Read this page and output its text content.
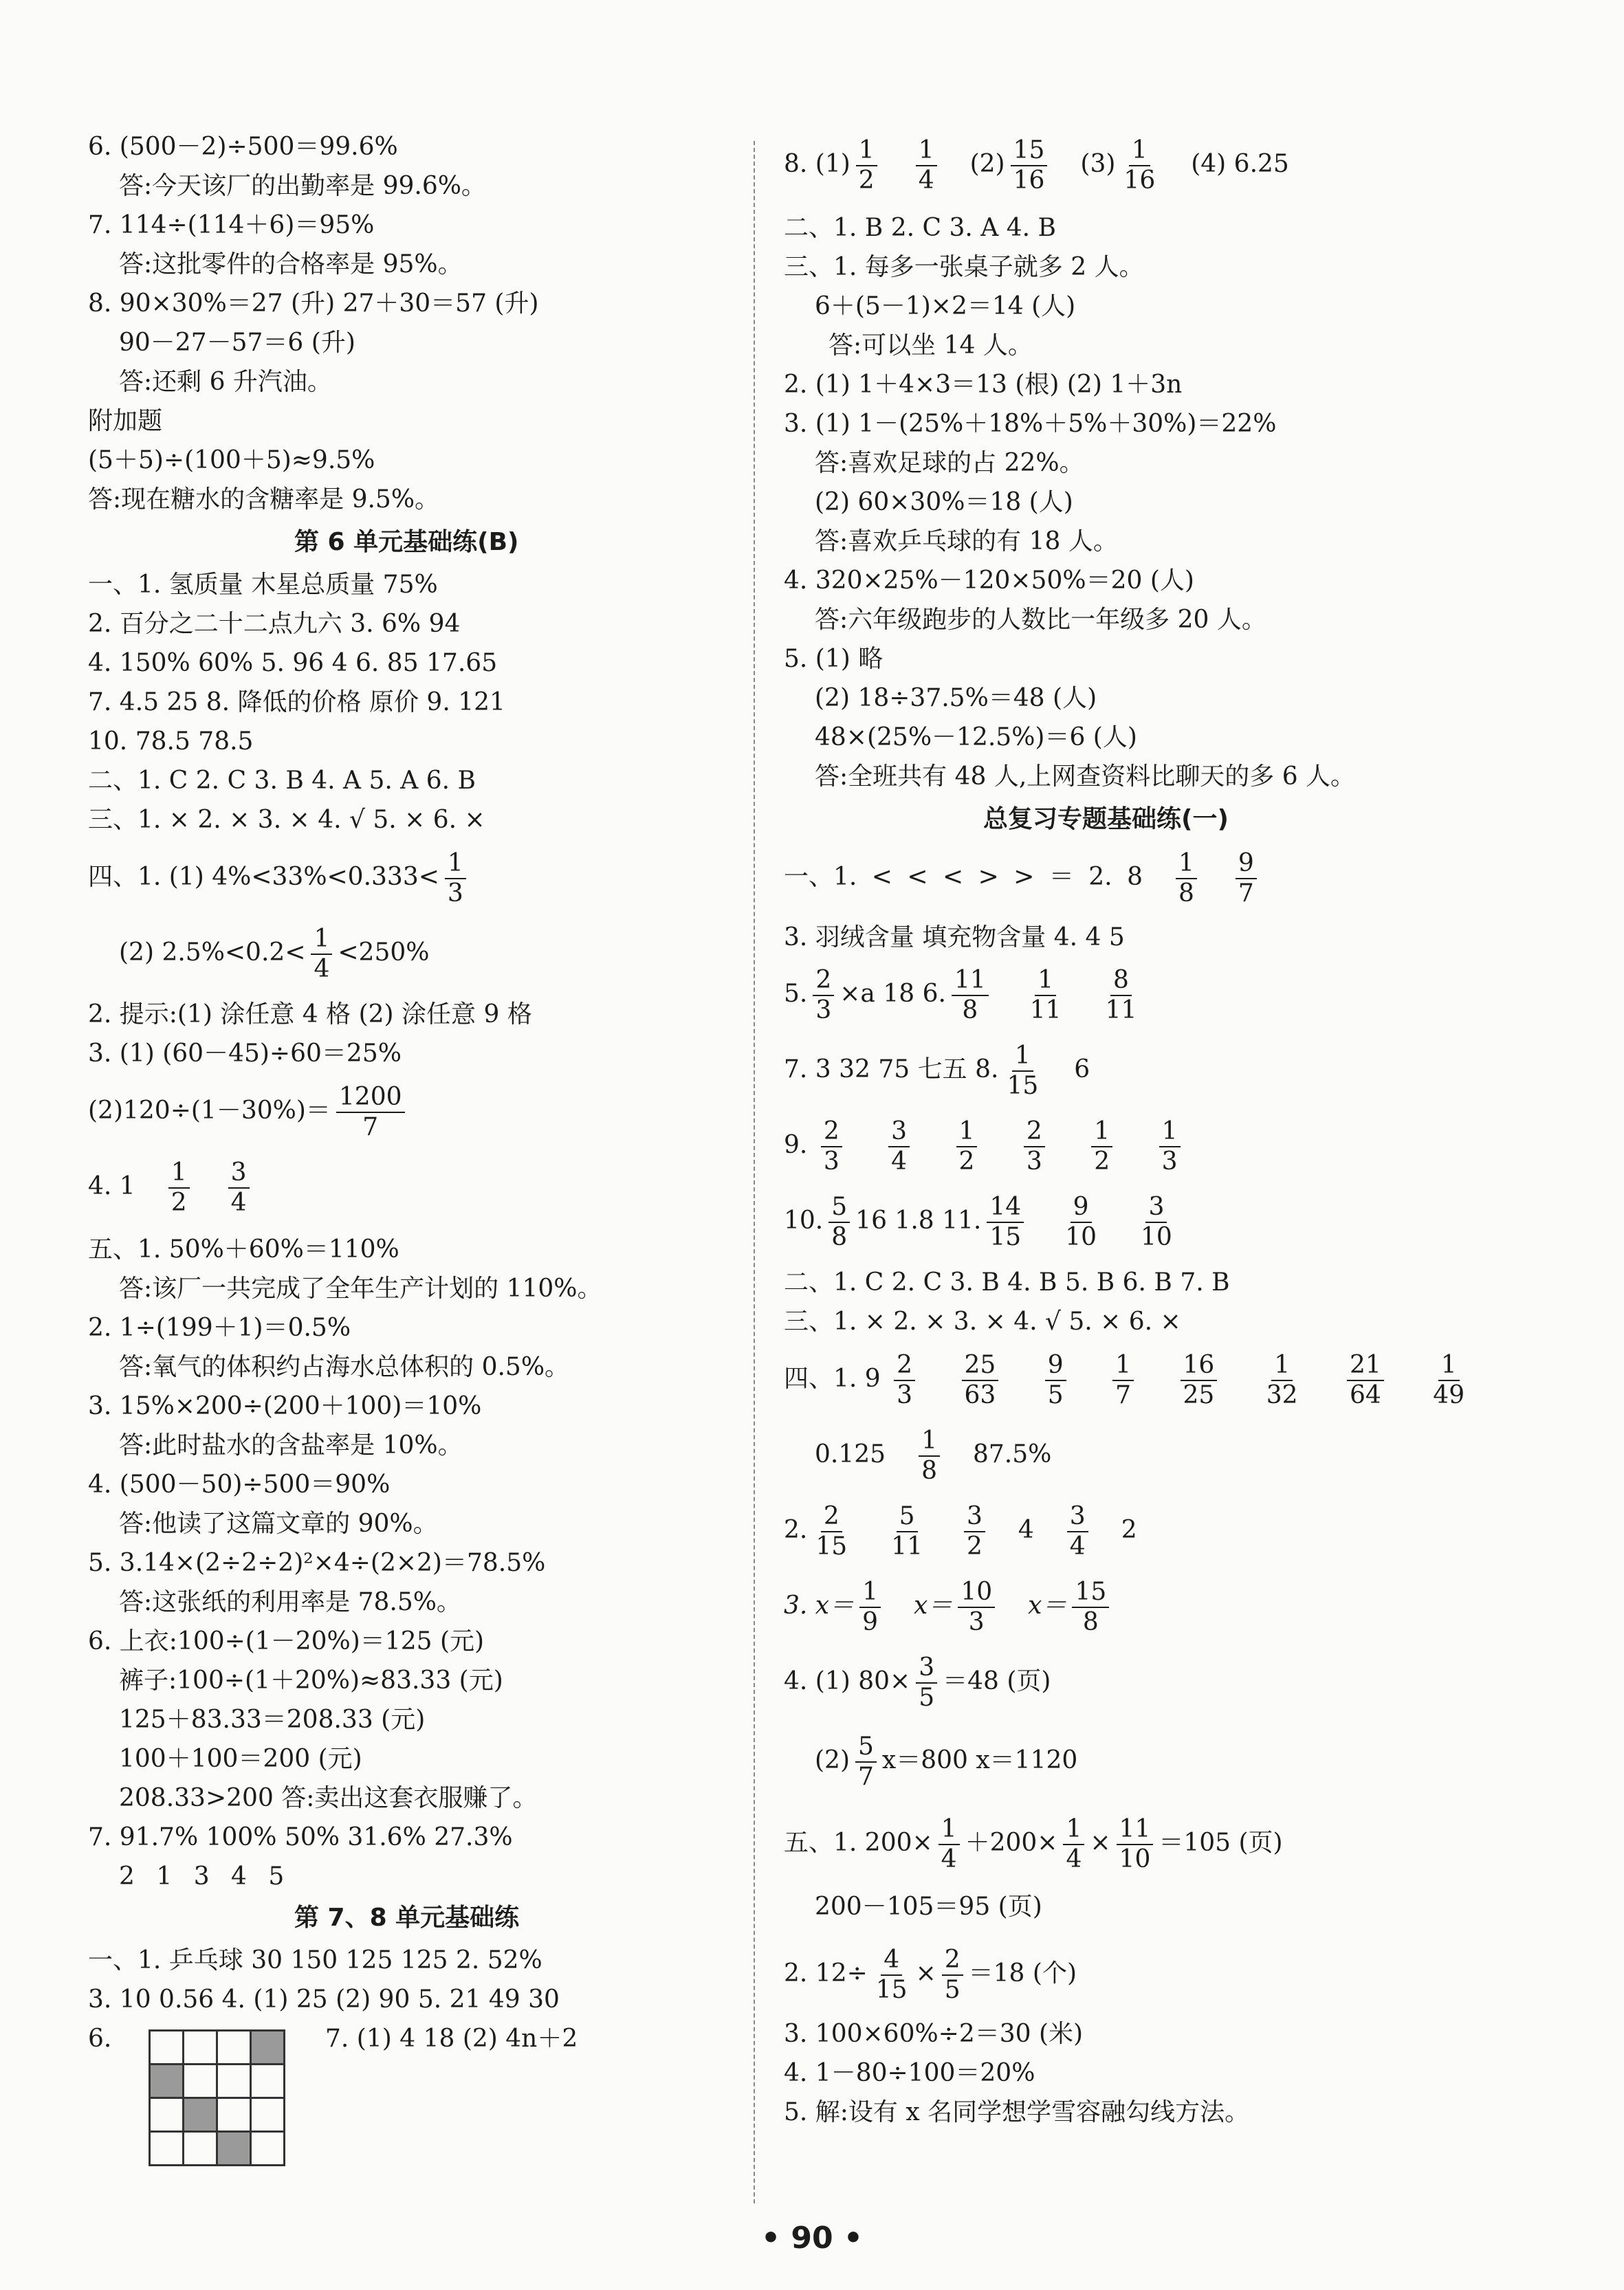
6. (500－2)÷500＝99.6%
答:今天该厂的出勤率是 99.6%。
7. 114÷(114＋6)＝95%
答:这批零件的合格率是 95%。
8. 90×30%＝27 (升) 27＋30＝57 (升)
90－27－57＝6 (升)
答:还剩 6 升汽油。
附加题
(5＋5)÷(100＋5)≈9.5%
答:现在糖水的含糖率是 9.5%。
第 6 单元基础练(B)
一、1. 氢质量 木星总质量 75%
2. 百分之二十二点九六 3. 6% 94
4. 150% 60% 5. 96 4 6. 85 17.65
7. 4.5 25 8. 降低的价格 原价 9. 121
10. 78.5 78.5
二、1. C 2. C 3. B 4. A 5. A 6. B
三、1. × 2. × 3. × 4. √ 5. × 6. ×
四、1. (1) $4\%<33\%<0.333< \frac{1}{3}$
(2) $2.5\%<0.2< \frac{1}{4} <250\%$
2. 提示:(1) 涂任意 4 格 (2) 涂任意 9 格
3. (1) (60－45)÷60＝25%
$(2)120\div(1-30\%)= \frac{1200}{7}$
4. $1 \frac{1}{2} \frac{3}{4}$
五、1. 50%＋60%＝110%
答:该厂一共完成了全年生产计划的 110%。
2. 1÷(199＋1)＝0.5%
答:氧气的体积约占海水总体积的 0.5%。
3. 15%×200÷(200＋100)＝10%
答:此时盐水的含盐率是 10%。
4. (500－50)÷500＝90%
答:他读了这篇文章的 90%。
5. 3.14×(2÷2÷2)²×4÷(2×2)＝78.5%
答:这张纸的利用率是 78.5%。
6. 上衣:100÷(1－20%)＝125 (元)
裤子:100÷(1＋20%)≈83.33 (元)
125＋83.33＝208.33 (元)
100＋100＝200 (元)
208.33>200 答:卖出这套衣服赚了。
7. 91.7% 100% 50% 31.6% 27.3%
2 1 3 4 5
第 7、8 单元基础练
一、1. 乒乓球 30 150 125 125 2. 52%
3. 10 0.56 4. (1) 25 (2) 90 5. 21 49 30
6.

				7. (1) 4 18 (2) 4n＋2
8. $(1) \frac{1}{2} \frac{1}{4} (2) \frac{15}{16} (3) \frac{1}{16} (4)$ 6.25
二、1. B 2. C 3. A 4. B
三、1. 每多一张桌子就多 2 人。
6＋(5－1)×2＝14 (人)
答:可以坐 14 人。
2. (1) 1＋4×3＝13 (根) (2) 1＋3n
3. (1) 1－(25%＋18%＋5%＋30%)＝22%
答:喜欢足球的占 22%。
(2) 60×30%＝18 (人)
答:喜欢乒乓球的有 18 人。
4. 320×25%－120×50%＝20 (人)
答:六年级跑步的人数比一年级多 20 人。
5. (1) 略
(2) 18÷37.5%＝48 (人)
48×(25%－12.5%)＝6 (人)
答:全班共有 48 人,上网查资料比聊天的多 6 人。
总复习专题基础练(一)
一、1. < < < > > ＝ 2. $8 \frac{1}{8} \frac{9}{7}$
3. 羽绒含量 填充物含量 4. 4 5
5. $\frac{2}{3} \times a$ 18 6. $\frac{11}{8} \frac{1}{11} \frac{8}{11}$
7. 3 32 75 七五 8. $\frac{1}{15} 6$
9. $\frac{2}{3}$
$\frac{3}{4}$
$\frac{1}{2}$
$\frac{2}{3}$
$\frac{1}{2}$
$\frac{1}{3}$
10. $\frac{5}{8} 16$ 1.8 11. $\frac{14}{15} \frac{9}{10} \frac{3}{10}$
二、1. C 2. C 3. B 4. B 5. B 6. B 7. B
三、1. × 2. × 3. × 4. √ 5. × 6. ×
四、1. $9 \frac{2}{3}$
$\frac{25}{63}$
$\frac{9}{5}$
$\frac{1}{7}$
$\frac{16}{25}$
$\frac{1}{32}$
$\frac{21}{64}$
$\frac{1}{49}$
$0.125 \frac{1}{8} 87.5\%$
2. $\frac{2}{15} \frac{5}{11} \frac{3}{2} 4 \frac{3}{4} 2$
3. $x= \frac{1}{9} x= \frac{10}{3} x= \frac{15}{8}$
4. (1) $80\times \frac{3}{5} =48$ (页)
$(2) \frac{5}{7} x=800$ x＝1120
五、1. $200\times \frac{1}{4} +200\times \frac{1}{4} \times \frac{11}{10} =105$ (页)
200－105＝95 (页)
2. $12\div \frac{4}{15} \times \frac{2}{5} =18$ (个)
3. 100×60%÷2＝30 (米)
4. 1－80÷100＝20%
5. 解:设有 x 名同学想学雪容融勾线方法。
• 90 •
